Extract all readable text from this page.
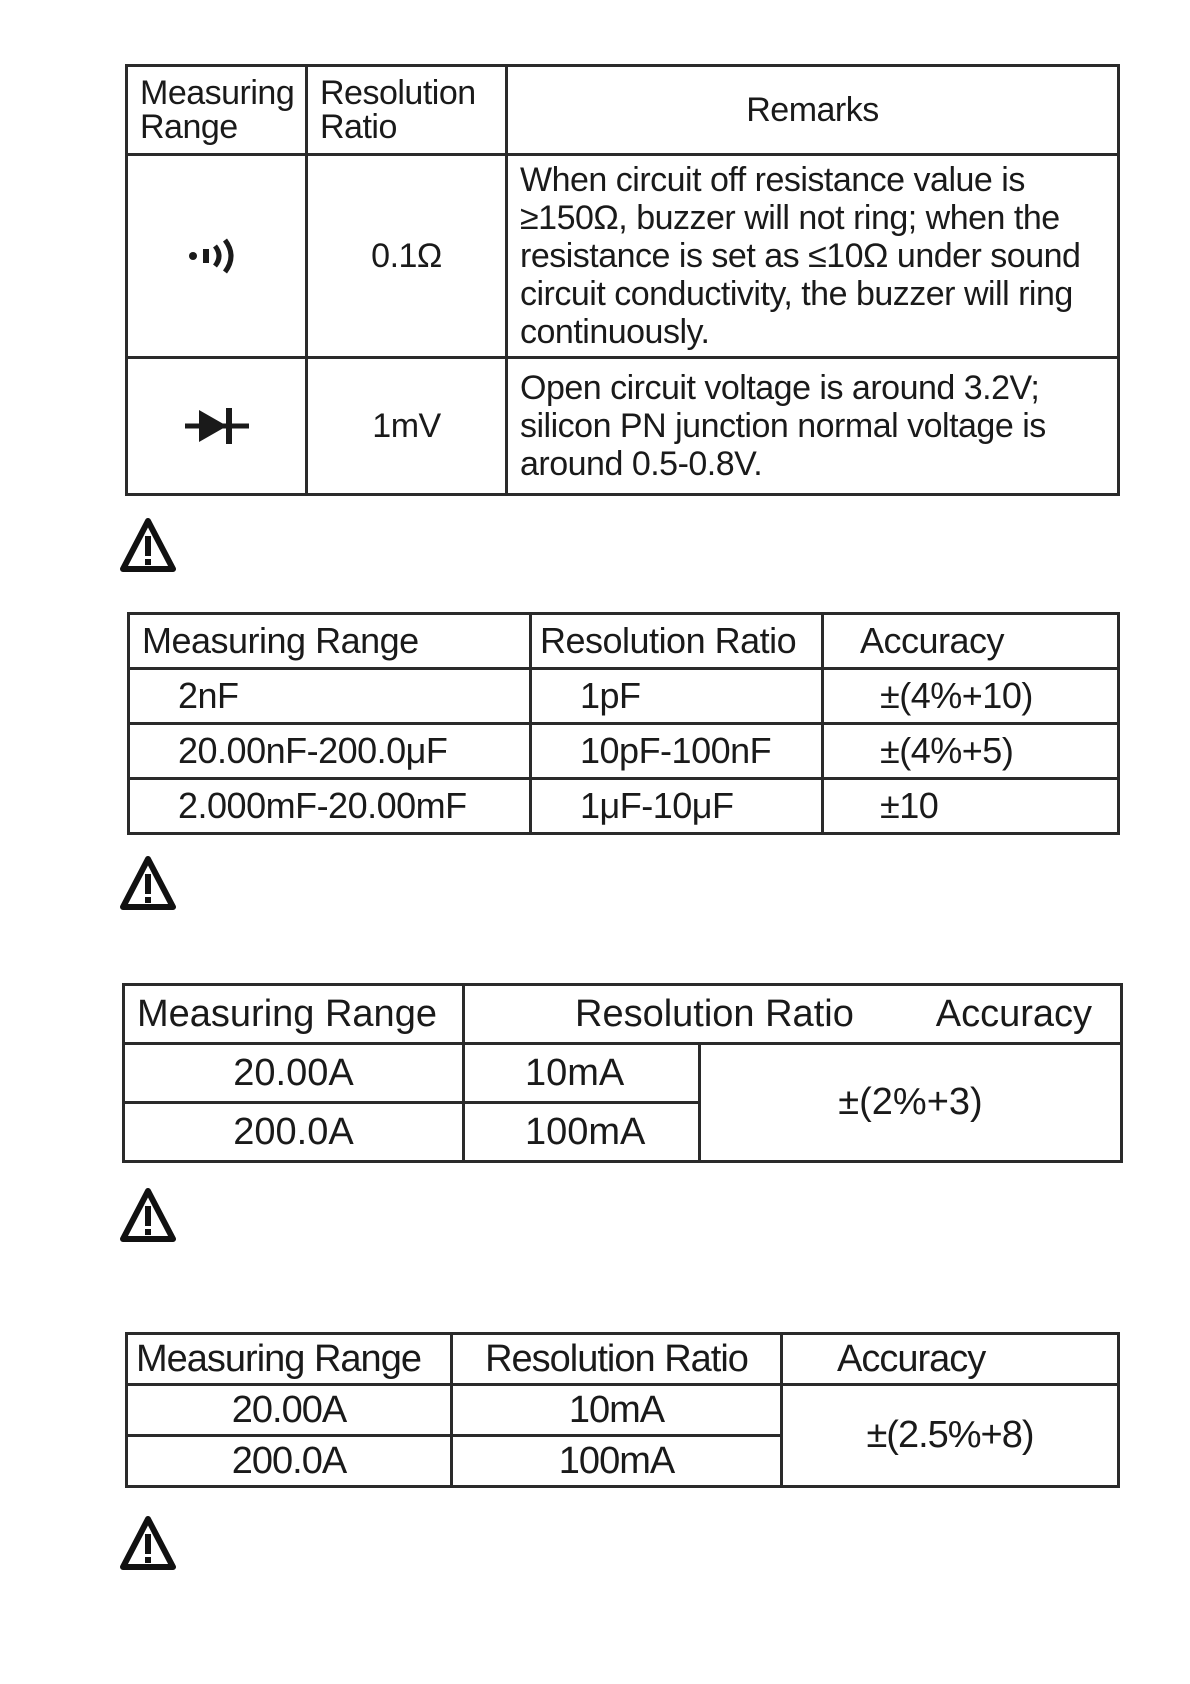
Measuring Range	Resolution Ratio	Remarks

	0.1Ω	When circuit off resistance value is ≥150Ω, buzzer will not ring; when the resistance is set as ≤10Ω under sound circuit conductivity, the buzzer will ring continuously.

	1mV	Open circuit voltage is around 3.2V; silicon PN junction normal voltage is around 0.5-0.8V.
Measuring Range	Resolution Ratio	Accuracy
2nF	1pF	±(4%+10)
20.00nF-200.0μF	10pF-100nF	±(4%+5)
2.000mF-20.00mF	1μF-10μF	±10
Measuring Range	Resolution Ratio	Accuracy
20.00A	10mA	±(2%+3)
200.0A	100mA	
Measuring Range	Resolution Ratio	Accuracy
20.00A	10mA	±(2.5%+8)
200.0A	100mA	
